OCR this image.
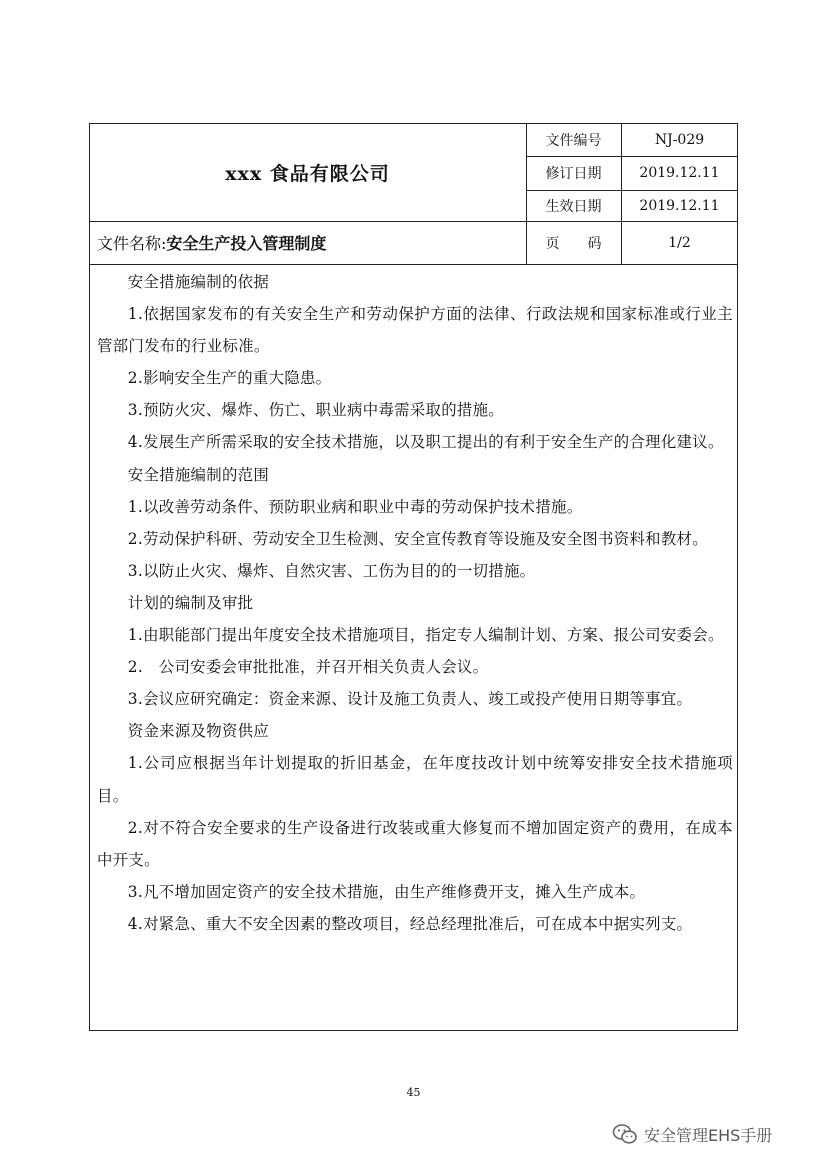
xxx 食品有限公司
文件编号	NJ-029
修订日期	2019.12.11
生效日期	2019.12.11
页　　码	1/2
文件名称: 安全生产投入管理制度

安全措施编制的依据

1.依据国家发布的有关安全生产和劳动保护方面的法律、行政法规和国家标准或行业主管部门发布的行业标准。

2.影响安全生产的重大隐患。

3.预防火灾、爆炸、伤亡、职业病中毒需采取的措施。

4.发展生产所需采取的安全技术措施，以及职工提出的有利于安全生产的合理化建议。

安全措施编制的范围

1.以改善劳动条件、预防职业病和职业中毒的劳动保护技术措施。

2.劳动保护科研、劳动安全卫生检测、安全宣传教育等设施及安全图书资料和教材。

3.以防止火灾、爆炸、自然灾害、工伤为目的的一切措施。

计划的编制及审批

1.由职能部门提出年度安全技术措施项目，指定专人编制计划、方案、报公司安委会。

2.　公司安委会审批批准，并召开相关负责人会议。

3.会议应研究确定：资金来源、设计及施工负责人、竣工或投产使用日期等事宜。

资金来源及物资供应

1.公司应根据当年计划提取的折旧基金，在年度技改计划中统筹安排安全技术措施项目。

2.对不符合安全要求的生产设备进行改装或重大修复而不增加固定资产的费用，在成本中开支。

3.凡不增加固定资产的安全技术措施，由生产维修费开支，摊入生产成本。

4.对紧急、重大不安全因素的整改项目，经总经理批准后，可在成本中据实列支。

45
安全管理EHS手册
